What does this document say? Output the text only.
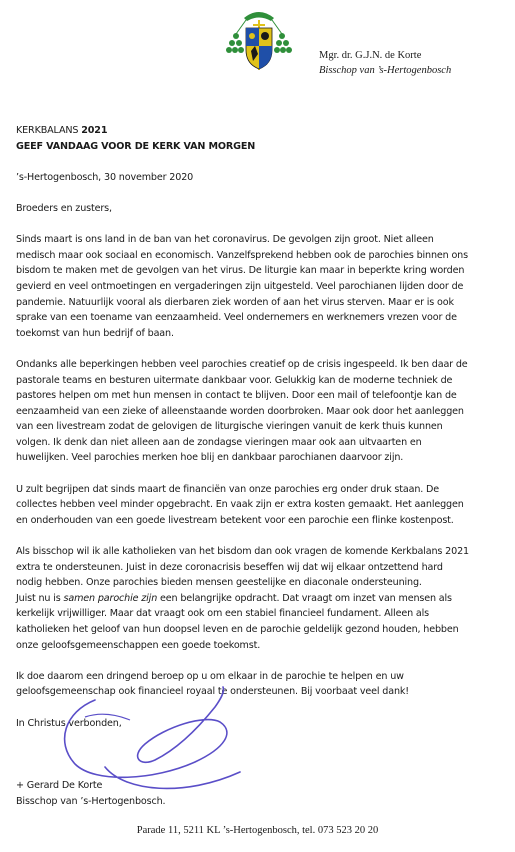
Mgr. dr. G.J.N. de Korte
Bisschop van ’s-Hertogenbosch

KERKBALANS 2021

GEEF VANDAAG VOOR DE KERK VAN MORGEN

’s-Hertogenbosch, 30 november 2020

Broeders en zusters,

Sinds maart is ons land in de ban van het coronavirus. De gevolgen zijn groot. Niet alleen

medisch maar ook sociaal en economisch. Vanzelfsprekend hebben ook de parochies binnen ons

bisdom te maken met de gevolgen van het virus. De liturgie kan maar in beperkte kring worden

gevierd en veel ontmoetingen en vergaderingen zijn uitgesteld. Veel parochianen lijden door de

pandemie. Natuurlijk vooral als dierbaren ziek worden of aan het virus sterven. Maar er is ook

sprake van een toename van eenzaamheid. Veel ondernemers en werknemers vrezen voor de

toekomst van hun bedrijf of baan.

Ondanks alle beperkingen hebben veel parochies creatief op de crisis ingespeeld. Ik ben daar de

pastorale teams en besturen uitermate dankbaar voor. Gelukkig kan de moderne techniek de

pastores helpen om met hun mensen in contact te blijven. Door een mail of telefoontje kan de

eenzaamheid van een zieke of alleenstaande worden doorbroken. Maar ook door het aanleggen

van een livestream zodat de gelovigen de liturgische vieringen vanuit de kerk thuis kunnen

volgen. Ik denk dan niet alleen aan de zondagse vieringen maar ook aan uitvaarten en

huwelijken. Veel parochies merken hoe blij en dankbaar parochianen daarvoor zijn.

U zult begrijpen dat sinds maart de financiën van onze parochies erg onder druk staan. De

collectes hebben veel minder opgebracht. En vaak zijn er extra kosten gemaakt. Het aanleggen

en onderhouden van een goede livestream betekent voor een parochie een flinke kostenpost.

Als bisschop wil ik alle katholieken van het bisdom dan ook vragen de komende Kerkbalans 2021

extra te ondersteunen. Juist in deze coronacrisis beseffen wij dat wij elkaar ontzettend hard

nodig hebben. Onze parochies bieden mensen geestelijke en diaconale ondersteuning.

Juist nu is samen parochie zijn een belangrijke opdracht. Dat vraagt om inzet van mensen als

kerkelijk vrijwilliger. Maar dat vraagt ook om een stabiel financieel fundament. Alleen als

katholieken het geloof van hun doopsel leven en de parochie geldelijk gezond houden, hebben

onze geloofsgemeenschappen een goede toekomst.

Ik doe daarom een dringend beroep op u om elkaar in de parochie te helpen en uw

geloofsgemeenschap ook financieel royaal te ondersteunen. Bij voorbaat veel dank!

In Christus verbonden,

+ Gerard De Korte

Bisschop van ’s-Hertogenbosch.

Parade 11, 5211 KL ’s-Hertogenbosch, tel. 073 523 20 20
